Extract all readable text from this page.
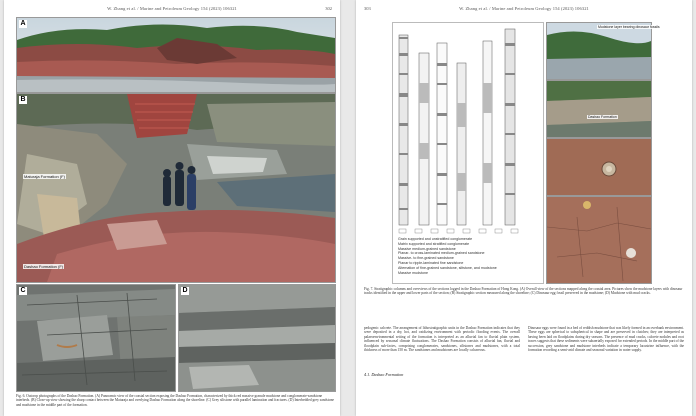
W. Zhang et al. / Marine and Petroleum Geology 154 (2023) 106321	302
A
B
Maturaja Formation (F)
Dashao Formation (F)
C	D
Fig. 6. Outcrop photographs of the Dashao Formation. (A) Panoramic view of the coastal section exposing the Dashao Formation, characterized by thick red massive granule mudstone and conglomerate-sandstone interbeds. (B) Close-up view showing the sharp contact between the Maturaja and overlying Dashao Formation along the shoreline. (C) Grey siltstone with parallel lamination and fractures. (D) Interbedded grey sandstone and mudstone in the middle part of the formation.
W. Zhang et al. / Marine and Petroleum Geology 154 (2023) 106321
303
Grain supported and unstratified conglomerate
Matrix supported and stratified conglomerate
Massive medium-grained sandstone
Planar- to cross-laminated medium-grained sandstone
Massive- to fine-grained sandstone
Planar to ripple-laminated fine sandstone
Alternation of fine-grained sandstone, siltstone, and mudstone
Massive mudstone
Mudstone layer bearing dinosaur fossils
Dashao Formation
Fig. 7. Stratigraphic columns and overviews of the sections logged in the Dashao Formation of Hong Kong. (A) Overall view of the sections mapped along the coastal area. Pictures show the mudstone layers with dinosaur tracks identified in the upper and lower parts of the section; (B) Stratigraphic section measured along the shoreline; (C) Dinosaur egg fossil preserved in the mudstone; (D) Mudstone with mud cracks.
pedogenic calcrete. The arrangement of lithostratigraphic units in the Dashao Formation indicates that they were deposited in a dry, hot, and oxidizing environment with periodic flooding events. The overall palaeoenvironmental setting of the formation is interpreted as an alluvial fan to fluvial plain system, influenced by seasonal climate fluctuations. The Dashao Formation consists of alluvial fan, fluvial and floodplain sub-facies, comprising conglomerates, sandstones, siltstones and mudstones, with a total thickness of more than 150 m. The sandstones and mudstones are locally calcareous.
4.1. Dashao Formation
Dinosaur eggs were found in a bed of reddish mudstone that was likely formed in an overbank environment. These eggs are spherical to subspherical in shape and are preserved in clutches; they are interpreted as having been laid on floodplains during dry seasons. The presence of mud cracks, calcrete nodules and root traces suggests that these sediments were subaerially exposed for extended periods. In the middle part of the succession, grey sandstone and mudstone interbeds indicate a temporary lacustrine influence, with the formation recording a semi-arid climate and seasonal variation in water supply.
